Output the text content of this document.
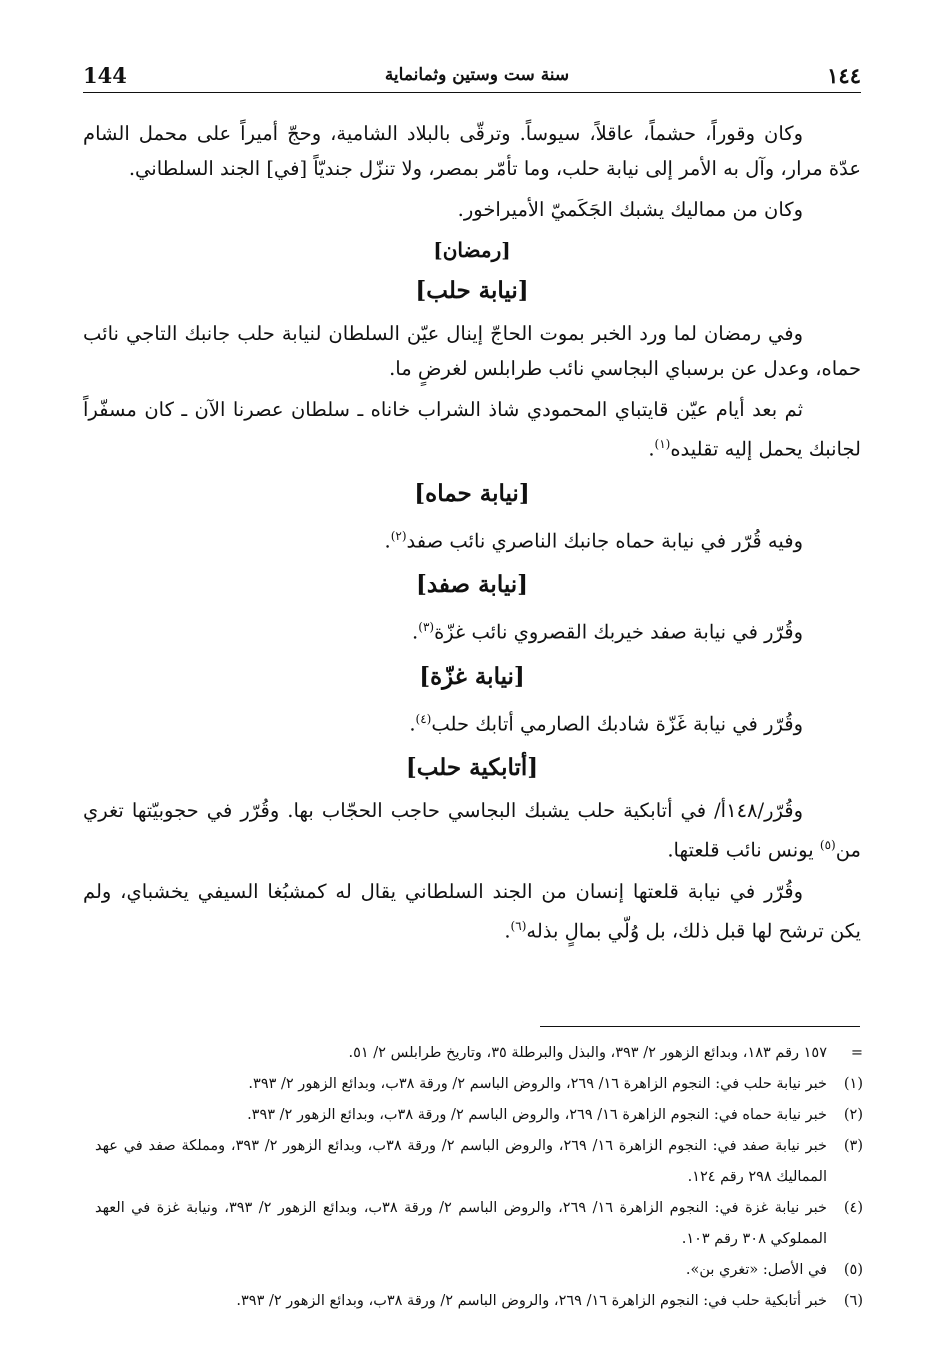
144	سنة ست وستين وثمانماية	١٤٤

وكان وقوراً، حشماً، عاقلاً، سيوساً. وترقّى بالبلاد الشامية، وحجّ أميراً على محمل الشام عدّة مرار، وآل به الأمر إلى نيابة حلب، وما تأمّر بمصر، ولا تنزّل جنديّاً [في] الجند السلطاني.

وكان من مماليك يشبك الجَكَميّ الأميراخور.

[رمضان]
[نيابة حلب]

وفي رمضان لما ورد الخبر بموت الحاجّ إينال عيّن السلطان لنيابة حلب جانبك التاجي نائب حماه، وعدل عن برسباي البجاسي نائب طرابلس لغرضٍ ما.

ثم بعد أيام عيّن قايتباي المحمودي شاذ الشراب خاناه ـ سلطان عصرنا الآن ـ كان مسفّراً لجانبك يحمل إليه تقليده$^{(١)}$.

[نيابة حماه]

وفيه قُرّر في نيابة حماه جانبك الناصري نائب صفد$^{(٢)}$.

[نيابة صفد]

وقُرّر في نيابة صفد خيربك القصروي نائب غزّة$^{(٣)}$.

[نيابة غزّة]

وقُرّر في نيابة غَزّة شادبك الصارمي أتابك حلب$^{(٤)}$.

[أتابكية حلب]

وقُرّر/١٤٨أ/ في أتابكية حلب يشبك البجاسي حاجب الحجّاب بها. وقُرّر في حجوبيّتها تغري من$^{(٥)}$ يونس نائب قلعتها.

وقُرّر في نيابة قلعتها إنسان من الجند السلطاني يقال له كمشبُغا السيفي يخشباي، ولم يكن ترشح لها قبل ذلك، بل وُلّي بمالٍ بذله$^{(٦)}$.

=
١٥٧ رقم ١٨٣، وبدائع الزهور ٢/ ٣٩٣، والبذل والبرطلة ٣٥، وتاريخ طرابلس ٢/ ٥١.
(١)
خبر نيابة حلب في: النجوم الزاهرة ١٦/ ٢٦٩، والروض الباسم ٢/ ورقة ٣٨ب، وبدائع الزهور ٢/ ٣٩٣.
(٢)
خبر نيابة حماه في: النجوم الزاهرة ١٦/ ٢٦٩، والروض الباسم ٢/ ورقة ٣٨ب، وبدائع الزهور ٢/ ٣٩٣.
(٣)
خبر نيابة صفد في: النجوم الزاهرة ١٦/ ٢٦٩، والروض الباسم ٢/ ورقة ٣٨ب، وبدائع الزهور ٢/ ٣٩٣، ومملكة صفد في عهد المماليك ٢٩٨ رقم ١٢٤.
(٤)
خبر نيابة غزة في: النجوم الزاهرة ١٦/ ٢٦٩، والروض الباسم ٢/ ورقة ٣٨ب، وبدائع الزهور ٢/ ٣٩٣، ونيابة غزة في العهد المملوكي ٣٠٨ رقم ١٠٣.
(٥)
في الأصل: «تغري بن».
(٦)
خبر أتابكية حلب في: النجوم الزاهرة ١٦/ ٢٦٩، والروض الباسم ٢/ ورقة ٣٨ب، وبدائع الزهور ٢/ ٣٩٣.
